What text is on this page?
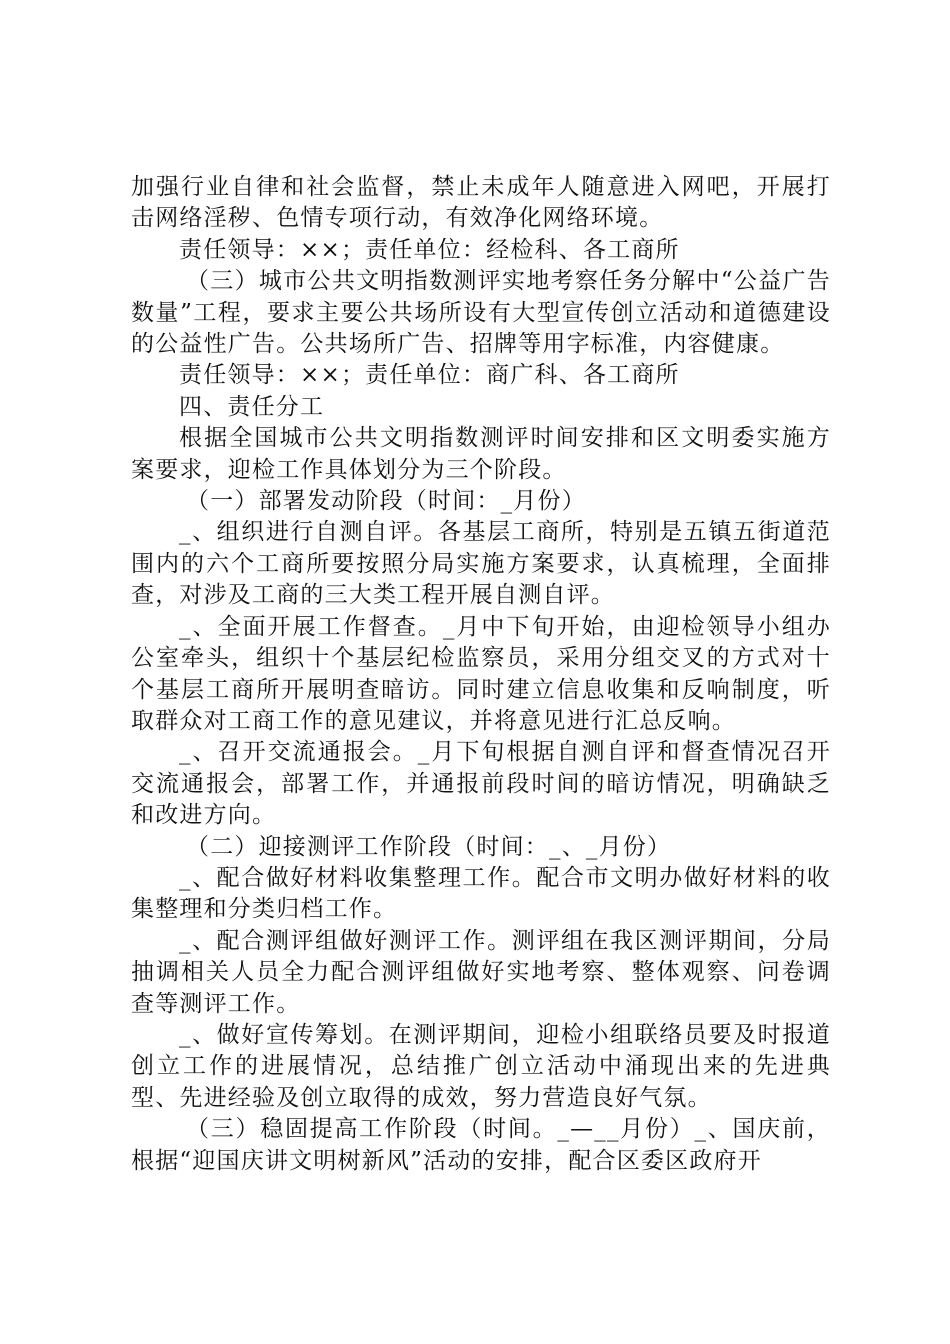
加强行业自律和社会监督，禁止未成年人随意进入网吧，开展打击网络淫秽、色情专项行动，有效净化网络环境。

责任领导：××；责任单位：经检科、各工商所

（三）城市公共文明指数测评实地考察任务分解中“公益广告数量”工程，要求主要公共场所设有大型宣传创立活动和道德建设的公益性广告。公共场所广告、招牌等用字标准，内容健康。

责任领导：××；责任单位：商广科、各工商所

四、责任分工

根据全国城市公共文明指数测评时间安排和区文明委实施方案要求，迎检工作具体划分为三个阶段。

（一）部署发动阶段（时间：_月份）

_、组织进行自测自评。各基层工商所，特别是五镇五街道范围内的六个工商所要按照分局实施方案要求，认真梳理，全面排查，对涉及工商的三大类工程开展自测自评。

_、全面开展工作督查。_月中下旬开始，由迎检领导小组办公室牵头，组织十个基层纪检监察员，采用分组交叉的方式对十个基层工商所开展明查暗访。同时建立信息收集和反响制度，听取群众对工商工作的意见建议，并将意见进行汇总反响。

_、召开交流通报会。_月下旬根据自测自评和督查情况召开交流通报会，部署工作，并通报前段时间的暗访情况，明确缺乏和改进方向。

（二）迎接测评工作阶段（时间：_、_月份）

_、配合做好材料收集整理工作。配合市文明办做好材料的收集整理和分类归档工作。

_、配合测评组做好测评工作。测评组在我区测评期间，分局抽调相关人员全力配合测评组做好实地考察、整体观察、问卷调查等测评工作。

_、做好宣传筹划。在测评期间，迎检小组联络员要及时报道创立工作的进展情况，总结推广创立活动中涌现出来的先进典型、先进经验及创立取得的成效，努力营造良好气氛。

（三）稳固提高工作阶段（时间。_—__月份）_、国庆前，根据“迎国庆讲文明树新风”活动的安排，配合区委区政府开
